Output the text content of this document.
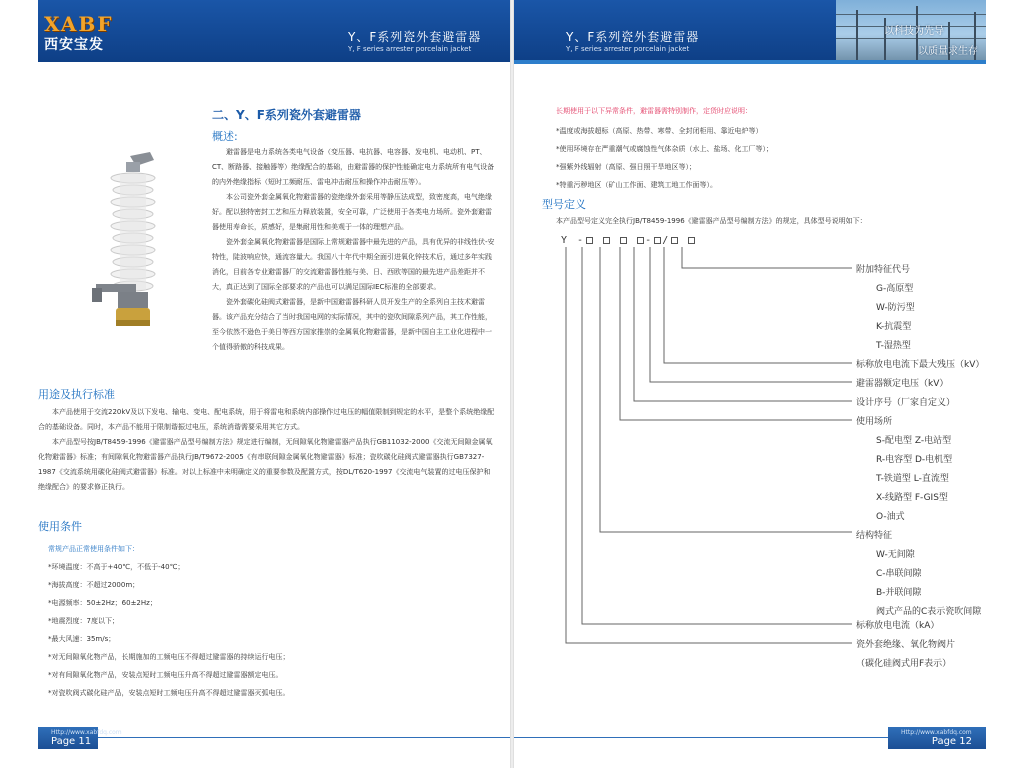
XABF
西安宝发	Y、F系列瓷外套避雷器
Y, F series arrester porcelain jacket
Y、F系列瓷外套避雷器
Y, F series arrester porcelain jacket
以科技为先导
以质量求生存
二、Y、F系列瓷外套避雷器
概述:

避雷器是电力系统各类电气设备（变压器、电抗器、电容器、发电机、电动机、PT、CT、断路器、接触器等）绝缘配合的基础，由避雷器的保护性能确定电力系统所有电气设备的内外绝缘指标（短时工频耐压、雷电冲击耐压和操作冲击耐压等）。

本公司瓷外套金属氧化物避雷器的瓷绝缘外套采用等静压法成型，致密度高，电气绝缘好。配以独特密封工艺和压力释放装置，安全可靠，广泛使用于各类电力场所。瓷外套避雷器使用寿命长，质感好，是集耐用性和美观于一体的理想产品。

瓷外套金属氧化物避雷器是国际上常规避雷器中最先进的产品，具有优异的非线性伏-安特性，陡波响应快，通流容量大。我国八十年代中期全面引进氧化锌技术后，通过多年实践消化，目前各专业避雷器厂的交流避雷器性能与美、日、西欧等国的最先进产品差距并不大，真正达到了国际全部要求的产品也可以满足国际IEC标准的全部要求。

瓷外套碳化硅阀式避雷器，是新中国避雷器科研人员开发生产的全系列自主技术避雷器。该产品充分结合了当时我国电网的实际情况，其中的瓷吹间隙系列产品，其工作性能，至今依然不逊色于美日等西方国家推崇的金属氧化物避雷器，是新中国自主工业化进程中一个值得骄傲的科技成果。

用途及执行标准

本产品使用于交流220kV及以下发电、输电、变电、配电系统，用于将雷电和系统内部操作过电压的幅值限制到规定的水平，是整个系统绝缘配合的基础设备。同时，本产品不能用于限制谐振过电压，系统消谐需要采用其它方式。

本产品型号按JB/T8459-1996《避雷器产品型号编制方法》规定进行编制，无间隙氧化物避雷器产品执行GB11032-2000《交流无间隙金属氧化物避雷器》标准；有间隙氧化物避雷器产品执行JB/T9672-2005《有串联间隙金属氧化物避雷器》标准；瓷吹碳化硅阀式避雷器执行GB7327-1987《交流系统用碳化硅阀式避雷器》标准。对以上标准中未明确定义的重要参数及配置方式，按DL/T620-1997《交流电气装置的过电压保护和绝缘配合》的要求修正执行。

使用条件
常规产品正常使用条件如下：
*环境温度：不高于+40℃，不低于-40℃；
*海拔高度：不超过2000m；
*电源频率：50±2Hz；60±2Hz；
*地震烈度：7度以下；
*最大风速：35m/s；
*对无间隙氧化物产品，长期施加的工频电压不得超过避雷器的持续运行电压；
*对有间隙氧化物产品，安装点短时工频电压升高不得超过避雷器额定电压。
*对瓷吹阀式碳化硅产品，安装点短时工频电压升高不得超过避雷器灭弧电压。
长期使用于以下异常条件，避雷器需特别制作，定货时应说明：
*温度或海拔超标（高原、热带、寒带、全封闭柜用、靠近电炉等）
*使用环境存在严重潮气或腐蚀性气体杂质（水上、盐场、化工厂等）；
*强紫外线辐射（高原、强日照干旱地区等）；
*特重污秽地区（矿山工作面、建筑工地工作面等）。
型号定义
本产品型号定义完全执行JB/T8459-1996《避雷器产品型号编制方法》的规定，具体型号说明如下：
Y -	- /
附加特征代号
G-高原型
W-防污型
K-抗震型
T-湿热型
标称放电电流下最大残压（kV）
避雷器额定电压（kV）
设计序号（厂家自定义）
使用场所
S-配电型 Z-电站型
R-电容型 D-电机型
T-铁道型 L-直流型
X-线路型 F-GIS型
O-油式
结构特征
W-无间隙
C-串联间隙
B-并联间隙
阀式产品的C表示瓷吹间隙
标称放电电流（kA）
瓷外套绝缘、氧化物阀片
（碳化硅阀式用F表示）
Http://www.xabfdq.com
Page 11
Http://www.xabfdq.com
Page 12
